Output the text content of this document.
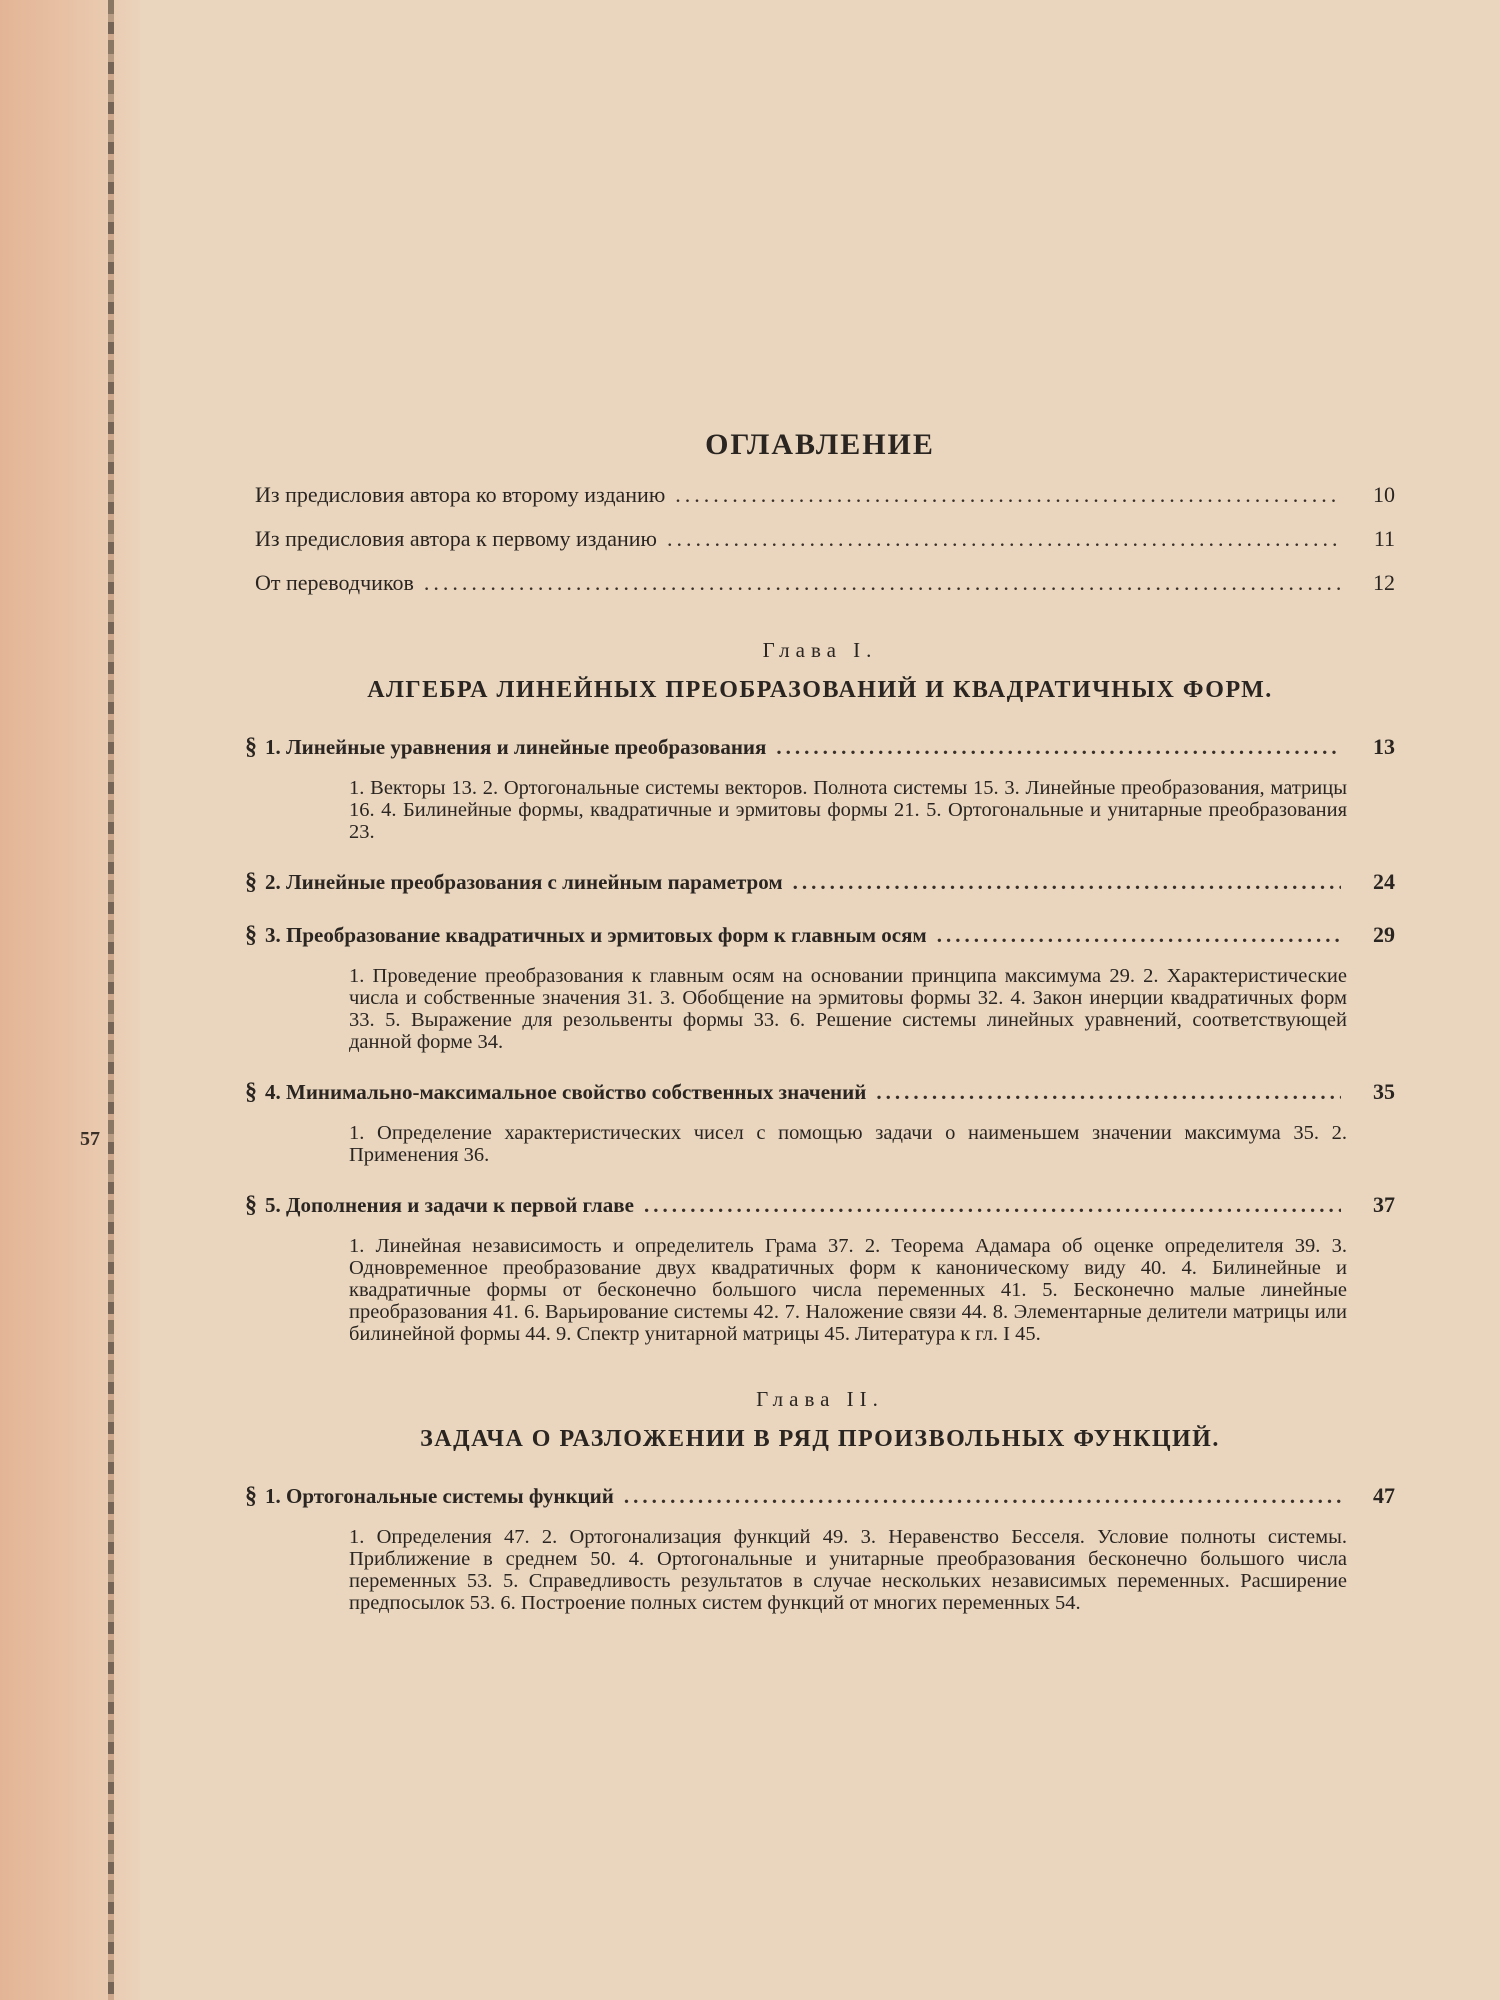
57
ОГЛАВЛЕНИЕ
Из предисловия автора ко второму изданию .....	10
Из предисловия автора к первому изданию .....	11
От переводчиков .....	12
Глава I.
АЛГЕБРА ЛИНЕЙНЫХ ПРЕОБРАЗОВАНИЙ И КВАДРАТИЧНЫХ ФОРМ.
§ 1.
Линейные уравнения и линейные преобразования .....	13
1. Векторы 13. 2. Ортогональные системы векторов. Полнота системы 15. 3. Линейные преобразования, матрицы 16. 4. Билинейные формы, квадратичные и эрмитовы формы 21. 5. Ортогональные и унитарные преобразования 23.
§ 2.
Линейные преобразования с линейным параметром .....	24
§ 3.
Преобразование квадратичных и эрмитовых форм к главным осям .....	29
1. Проведение преобразования к главным осям на основании принципа максимума 29. 2. Характеристические числа и собственные значения 31. 3. Обобщение на эрмитовы формы 32. 4. Закон инерции квадратичных форм 33. 5. Выражение для резольвенты формы 33. 6. Решение системы линейных уравнений, соответствующей данной форме 34.
§ 4.
Минимально-максимальное свойство собственных значений .....	35
1. Определение характеристических чисел с помощью задачи о наименьшем значении максимума 35. 2. Применения 36.
§ 5.
Дополнения и задачи к первой главе .....	37
1. Линейная независимость и определитель Грама 37. 2. Теорема Адамара об оценке определителя 39. 3. Одновременное преобразование двух квадратичных форм к каноническому виду 40. 4. Билинейные и квадратичные формы от бесконечно большого числа переменных 41. 5. Бесконечно малые линейные преобразования 41. 6. Варьирование системы 42. 7. Наложение связи 44. 8. Элементарные делители матрицы или билинейной формы 44. 9. Спектр унитарной матрицы 45. Литература к гл. I 45.
Глава II.
ЗАДАЧА О РАЗЛОЖЕНИИ В РЯД ПРОИЗВОЛЬНЫХ ФУНКЦИЙ.
§ 1.
Ортогональные системы функций .....	47
1. Определения 47. 2. Ортогонализация функций 49. 3. Неравенство Бесселя. Условие полноты системы. Приближение в среднем 50. 4. Ортогональные и унитарные преобразования бесконечно большого числа переменных 53. 5. Справедливость результатов в случае нескольких независимых переменных. Расширение предпосылок 53. 6. Построение полных систем функций от многих переменных 54.
